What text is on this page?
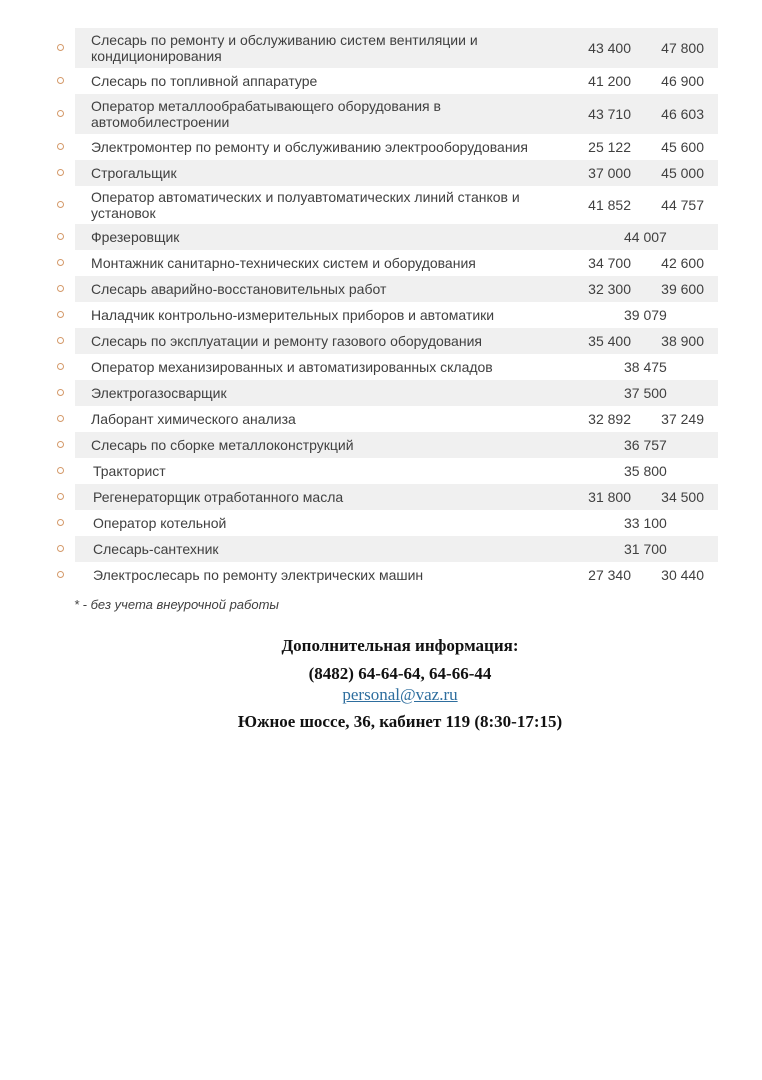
Слесарь по ремонту и обслуживанию систем вентиляции и кондиционирования	43 400 47 800
Слесарь по топливной аппаратуре	41 200 46 900
Оператор металлообрабатывающего оборудования в автомобилестроении	43 710 46 603
Электромонтер по ремонту и обслуживанию электрооборудования	25 122 45 600
Строгальщик	37 000 45 000
Оператор автоматических и полуавтоматических линий станков и установок	41 852 44 757
Фрезеровщик	44 007
Монтажник санитарно-технических систем и оборудования	34 700 42 600
Слесарь аварийно-восстановительных работ	32 300 39 600
Наладчик контрольно-измерительных приборов и автоматики	39 079
Слесарь по эксплуатации и ремонту газового оборудования	35 400 38 900
Оператор механизированных и автоматизированных складов	38 475
Электрогазосварщик	37 500
Лаборант химического анализа	32 892 37 249
Слесарь по сборке металлоконструкций	36 757
Тракторист	35 800
Регенераторщик отработанного масла	31 800 34 500
Оператор котельной	33 100
Слесарь-сантехник	31 700
Электрослесарь по ремонту электрических машин	27 340 30 440
* - без учета внеурочной работы
Дополнительная информация:
(8482) 64-64-64, 64-66-44
personal@vaz.ru
Южное шоссе, 36, кабинет 119 (8:30-17:15)
